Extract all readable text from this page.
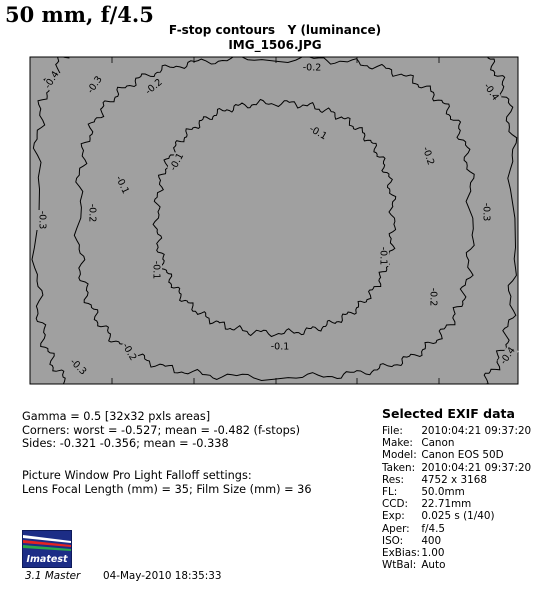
50 mm, f/4.5
F-stop contours   Y (luminance)
IMG_1506.JPG
-0.1
-0.1
-0.1
-0.1
-0.1
-0.1
-0.2
-0.2
-0.2
-0.2
-0.2
-0.2
-0.3
-0.3
-0.3
-0.3
-0.4
-0.4
-0.4
Gamma = 0.5 [32x32 pxls areas]
Corners: worst = -0.527; mean = -0.482 (f-stops)
Sides: -0.321 -0.356; mean = -0.338
Picture Window Pro Light Falloff settings:
Lens Focal Length (mm) = 35; Film Size (mm) = 36
Selected EXIF data
File: 2010:04:21 09:37:20
Make: Canon
Model: Canon EOS 50D
Taken: 2010:04:21 09:37:20
Res: 4752 x 3168
FL: 50.0mm
CCD: 22.71mm
Exp: 0.025 s (1/40)
Aper: f/4.5
ISO: 400
ExBias: 1.00
WtBal: Auto
Imatest
3.1 Master 04-May-2010 18:35:33
